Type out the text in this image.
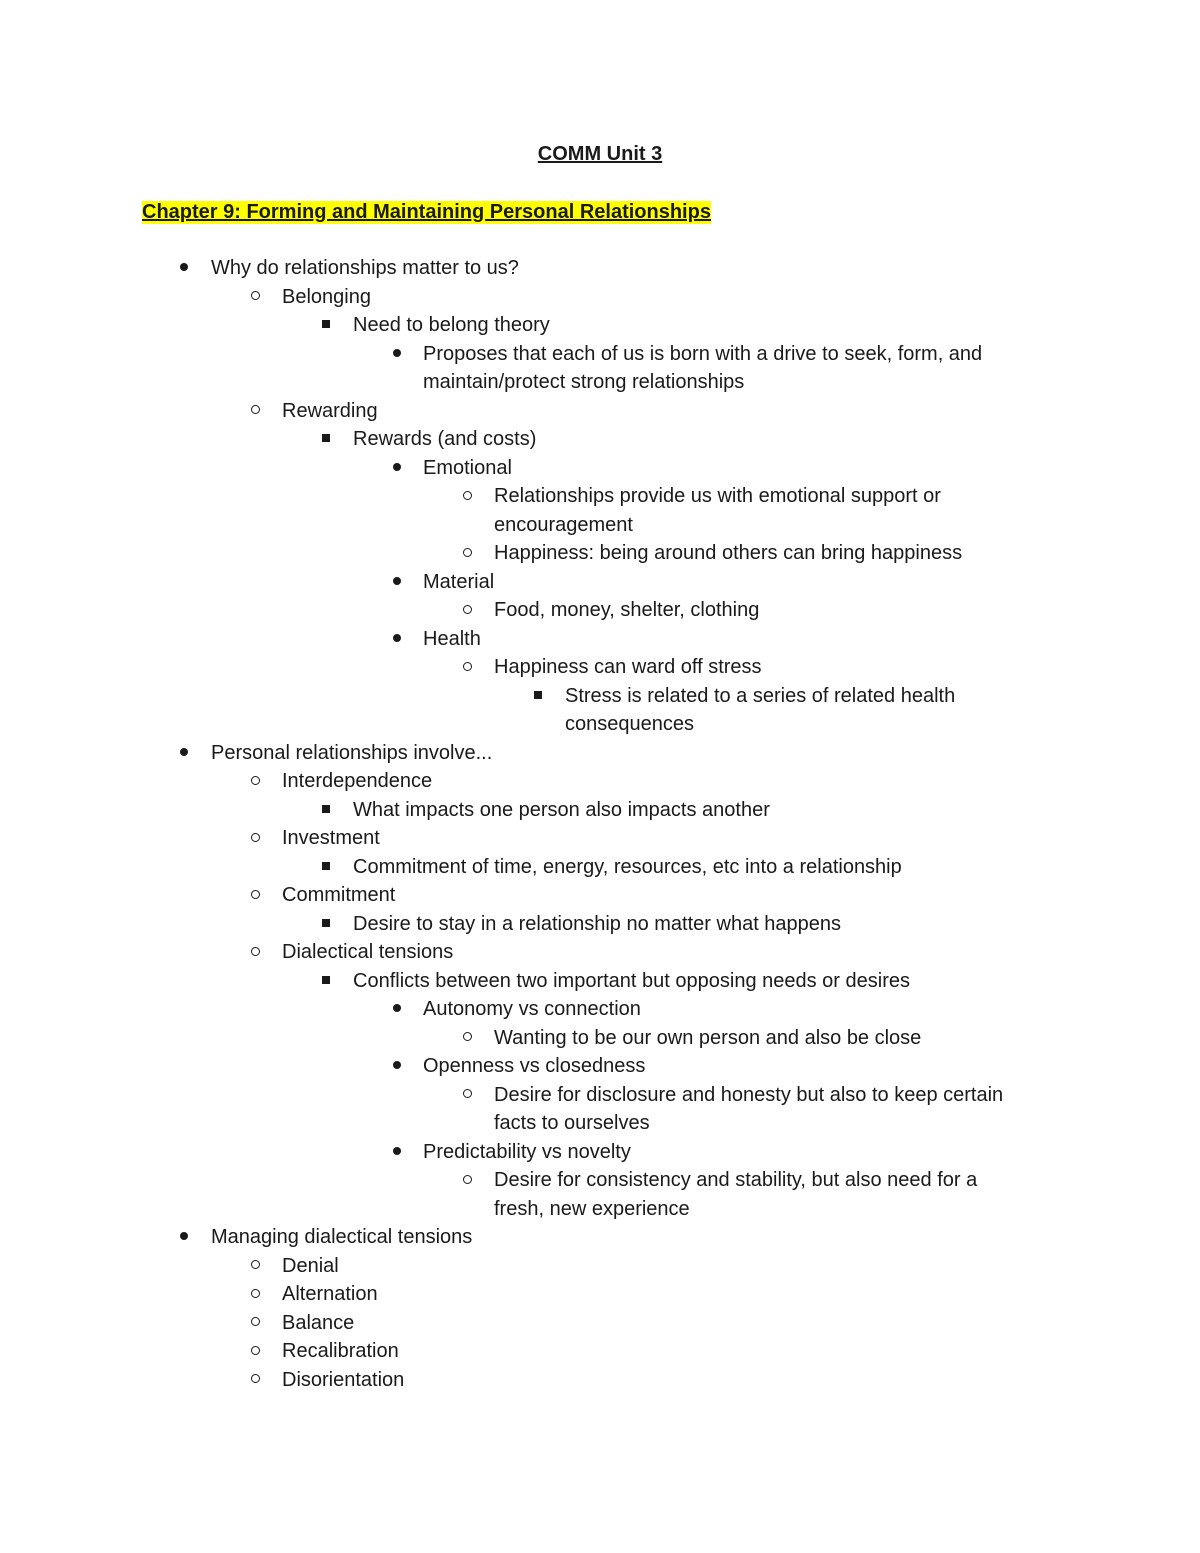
COMM Unit 3
Chapter 9: Forming and Maintaining Personal Relationships
Why do relationships matter to us?
Belonging
Need to belong theory
Proposes that each of us is born with a drive to seek, form, and
maintain/protect strong relationships
Rewarding
Rewards (and costs)
Emotional
Relationships provide us with emotional support or
encouragement
Happiness: being around others can bring happiness
Material
Food, money, shelter, clothing
Health
Happiness can ward off stress
Stress is related to a series of related health
consequences
Personal relationships involve...
Interdependence
What impacts one person also impacts another
Investment
Commitment of time, energy, resources, etc into a relationship
Commitment
Desire to stay in a relationship no matter what happens
Dialectical tensions
Conflicts between two important but opposing needs or desires
Autonomy vs connection
Wanting to be our own person and also be close
Openness vs closedness
Desire for disclosure and honesty but also to keep certain
facts to ourselves
Predictability vs novelty
Desire for consistency and stability, but also need for a
fresh, new experience
Managing dialectical tensions
Denial
Alternation
Balance
Recalibration
Disorientation
